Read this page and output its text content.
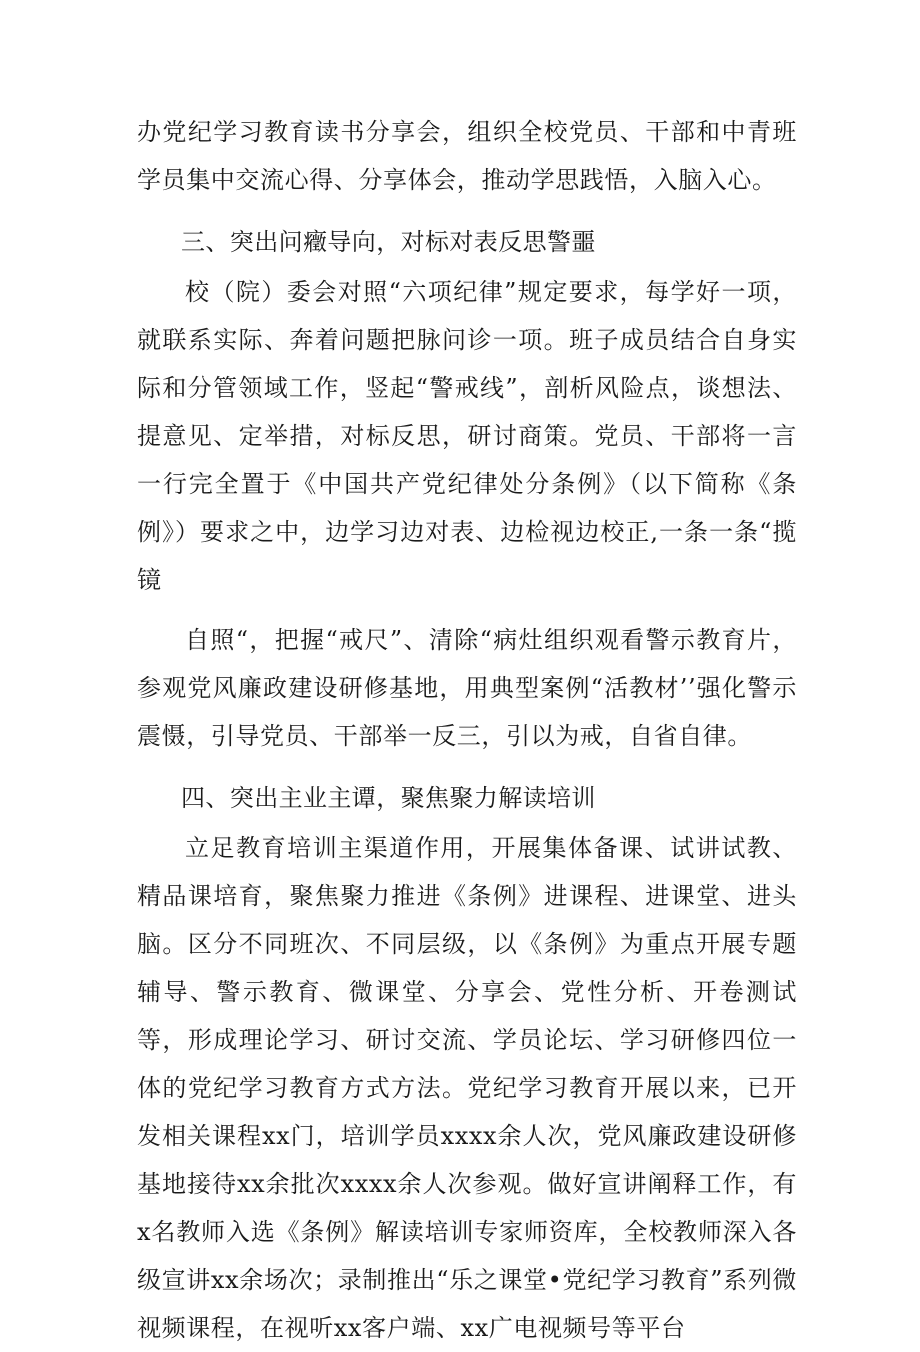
办党纪学习教育读书分享会，组织全校党员、干部和中青班学员集中交流心得、分享体会，推动学思践悟，入脑入心。

三、突出问癥导向，对标对表反思警噩

校（院）委会对照“六项纪律”规定要求，每学好一项，就联系实际、奔着问题把脉问诊一项。班子成员结合自身实际和分管领域工作，竖起“警戒线”，剖析风险点，谈想法、提意见、定举措，对标反思，研讨商策。党员、干部将一言一行完全置于《中国共产党纪律处分条例》（以下简称《条例》）要求之中，边学习边对表、边检视边校正,一条一条“揽镜

自照“，把握“戒尺”、清除“病灶组织观看警示教育片，参观党风廉政建设研修基地，用典型案例“活教材’’强化警示震慑，引导党员、干部举一反三，引以为戒，自省自律。

四、突出主业主谭，聚焦聚力解读培训

立足教育培训主渠道作用，开展集体备课、试讲试教、精品课培育，聚焦聚力推进《条例》进课程、进课堂、进头脑。区分不同班次、不同层级，以《条例》为重点开展专题辅导、警示教育、微课堂、分享会、党性分析、开卷测试等，形成理论学习、研讨交流、学员论坛、学习研修四位一体的党纪学习教育方式方法。党纪学习教育开展以来，已开发相关课程xx门，培训学员xxxx余人次，党风廉政建设研修基地接待xx余批次xxxx余人次参观。做好宣讲阐释工作，有x名教师入选《条例》解读培训专家师资库，全校教师深入各级宣讲xx余场次；录制推出“乐之课堂•党纪学习教育”系列微视频课程，在视听xx客户端、xx广电视频号等平台
